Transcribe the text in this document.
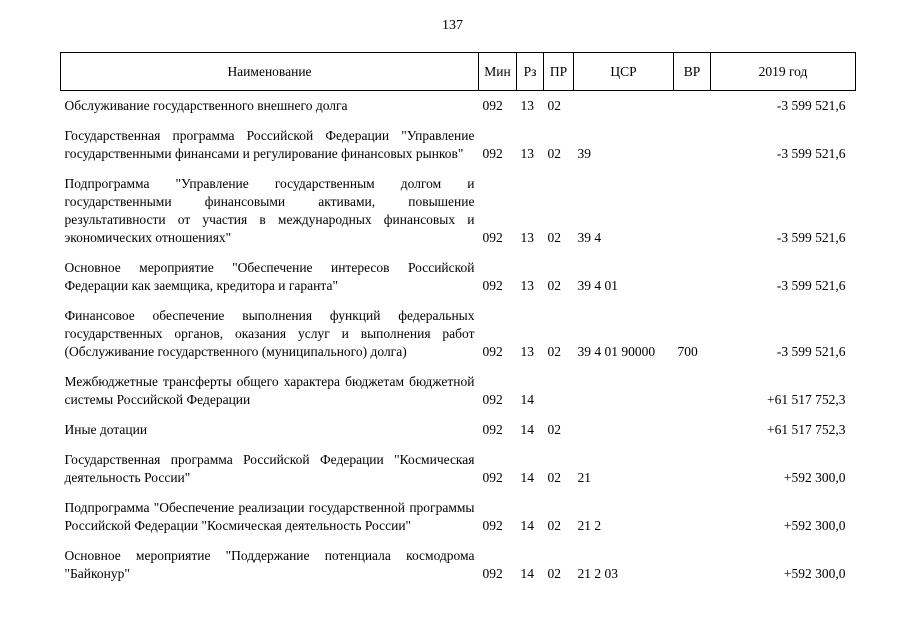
137
Наименование	Мин	Рз	ПР	ЦСР	ВР	2019 год
Обслуживание государственного внешнего долга	092	13	02			-3 599 521,6
Государственная программа Российской Федерации "Управление государственными финансами и регулирование финансовых рынков"	092	13	02	39		-3 599 521,6
Подпрограмма "Управление государственным долгом и государственными финансовыми активами, повышение результативности от участия в международных финансовых и экономических отношениях"	092	13	02	39 4		-3 599 521,6
Основное мероприятие "Обеспечение интересов Российской Федерации как заемщика, кредитора и гаранта"	092	13	02	39 4 01		-3 599 521,6
Финансовое обеспечение выполнения функций федеральных государственных органов, оказания услуг и выполнения работ (Обслуживание государственного (муниципального) долга)	092	13	02	39 4 01 90000	700	-3 599 521,6
Межбюджетные трансферты общего характера бюджетам бюджетной системы Российской Федерации	092	14				+61 517 752,3
Иные дотации	092	14	02			+61 517 752,3
Государственная программа Российской Федерации "Космическая деятельность России"	092	14	02	21		+592 300,0
Подпрограмма "Обеспечение реализации государственной программы Российской Федерации "Космическая деятельность России"	092	14	02	21 2		+592 300,0
Основное мероприятие "Поддержание потенциала космодрома "Байконур"	092	14	02	21 2 03		+592 300,0
